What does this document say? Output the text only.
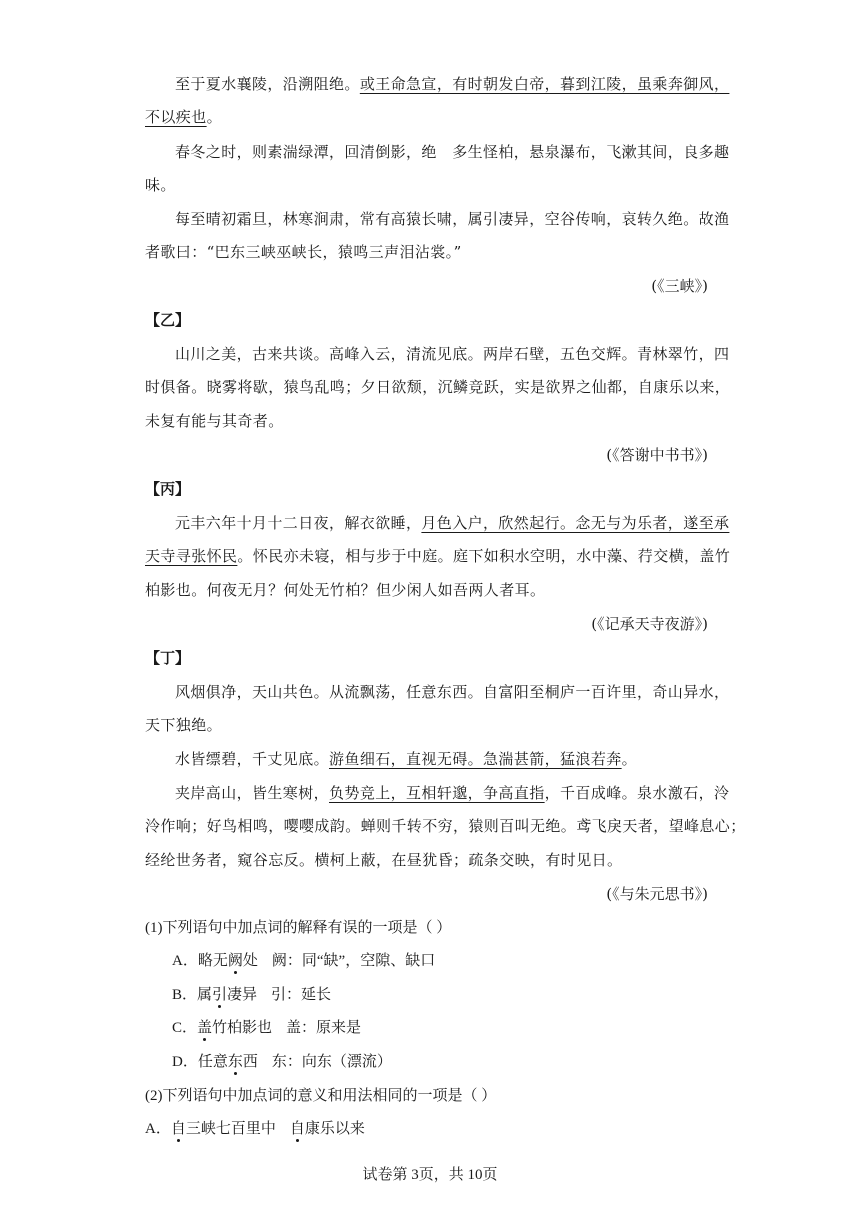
至于夏水襄陵，沿溯阻绝。或王命急宣，有时朝发白帝，暮到江陵，虽乘奔御风，
不以疾也。
春冬之时，则素湍绿潭，回清倒影，绝　多生怪柏，悬泉瀑布，飞漱其间，良多趣
味。
每至晴初霜旦，林寒涧肃，常有高猿长啸，属引凄异，空谷传响，哀转久绝。故渔
者歌曰：“巴东三峡巫峡长，猿鸣三声泪沾裳。”
(《三峡》)
【乙】
山川之美，古来共谈。高峰入云，清流见底。两岸石壁，五色交辉。青林翠竹，四
时俱备。晓雾将歇，猿鸟乱鸣；夕日欲颓，沉鳞竞跃，实是欲界之仙都，自康乐以来，
未复有能与其奇者。
(《答谢中书书》)
【丙】
元丰六年十月十二日夜，解衣欲睡，月色入户，欣然起行。念无与为乐者，遂至承
天寺寻张怀民。怀民亦未寝，相与步于中庭。庭下如积水空明，水中藻、荇交横，盖竹
柏影也。何夜无月？何处无竹柏？但少闲人如吾两人者耳。
(《记承天寺夜游》)
【丁】
风烟俱净，天山共色。从流飘荡，任意东西。自富阳至桐庐一百许里，奇山异水，
天下独绝。
水皆缥碧，千丈见底。游鱼细石，直视无碍。急湍甚箭，猛浪若奔。
夹岸高山，皆生寒树，负势竞上，互相轩邈，争高直指，千百成峰。泉水激石，泠
泠作响；好鸟相鸣，嘤嘤成韵。蝉则千转不穷，猿则百叫无绝。鸢飞戾天者，望峰息心；
经纶世务者，窥谷忘反。横柯上蔽，在昼犹昏；疏条交映，有时见日。
(《与朱元思书》)
(1)下列语句中加点词的解释有误的一项是（ ）
A．略无阙处 阙：同“缺”，空隙、缺口
B．属引凄异 引：延长
C．盖竹柏影也 盖：原来是
D．任意东西 东：向东（漂流）
(2)下列语句中加点词的意义和用法相同的一项是（ ）
A．自三峡七百里中 自康乐以来
试卷第 3页，共 10页
